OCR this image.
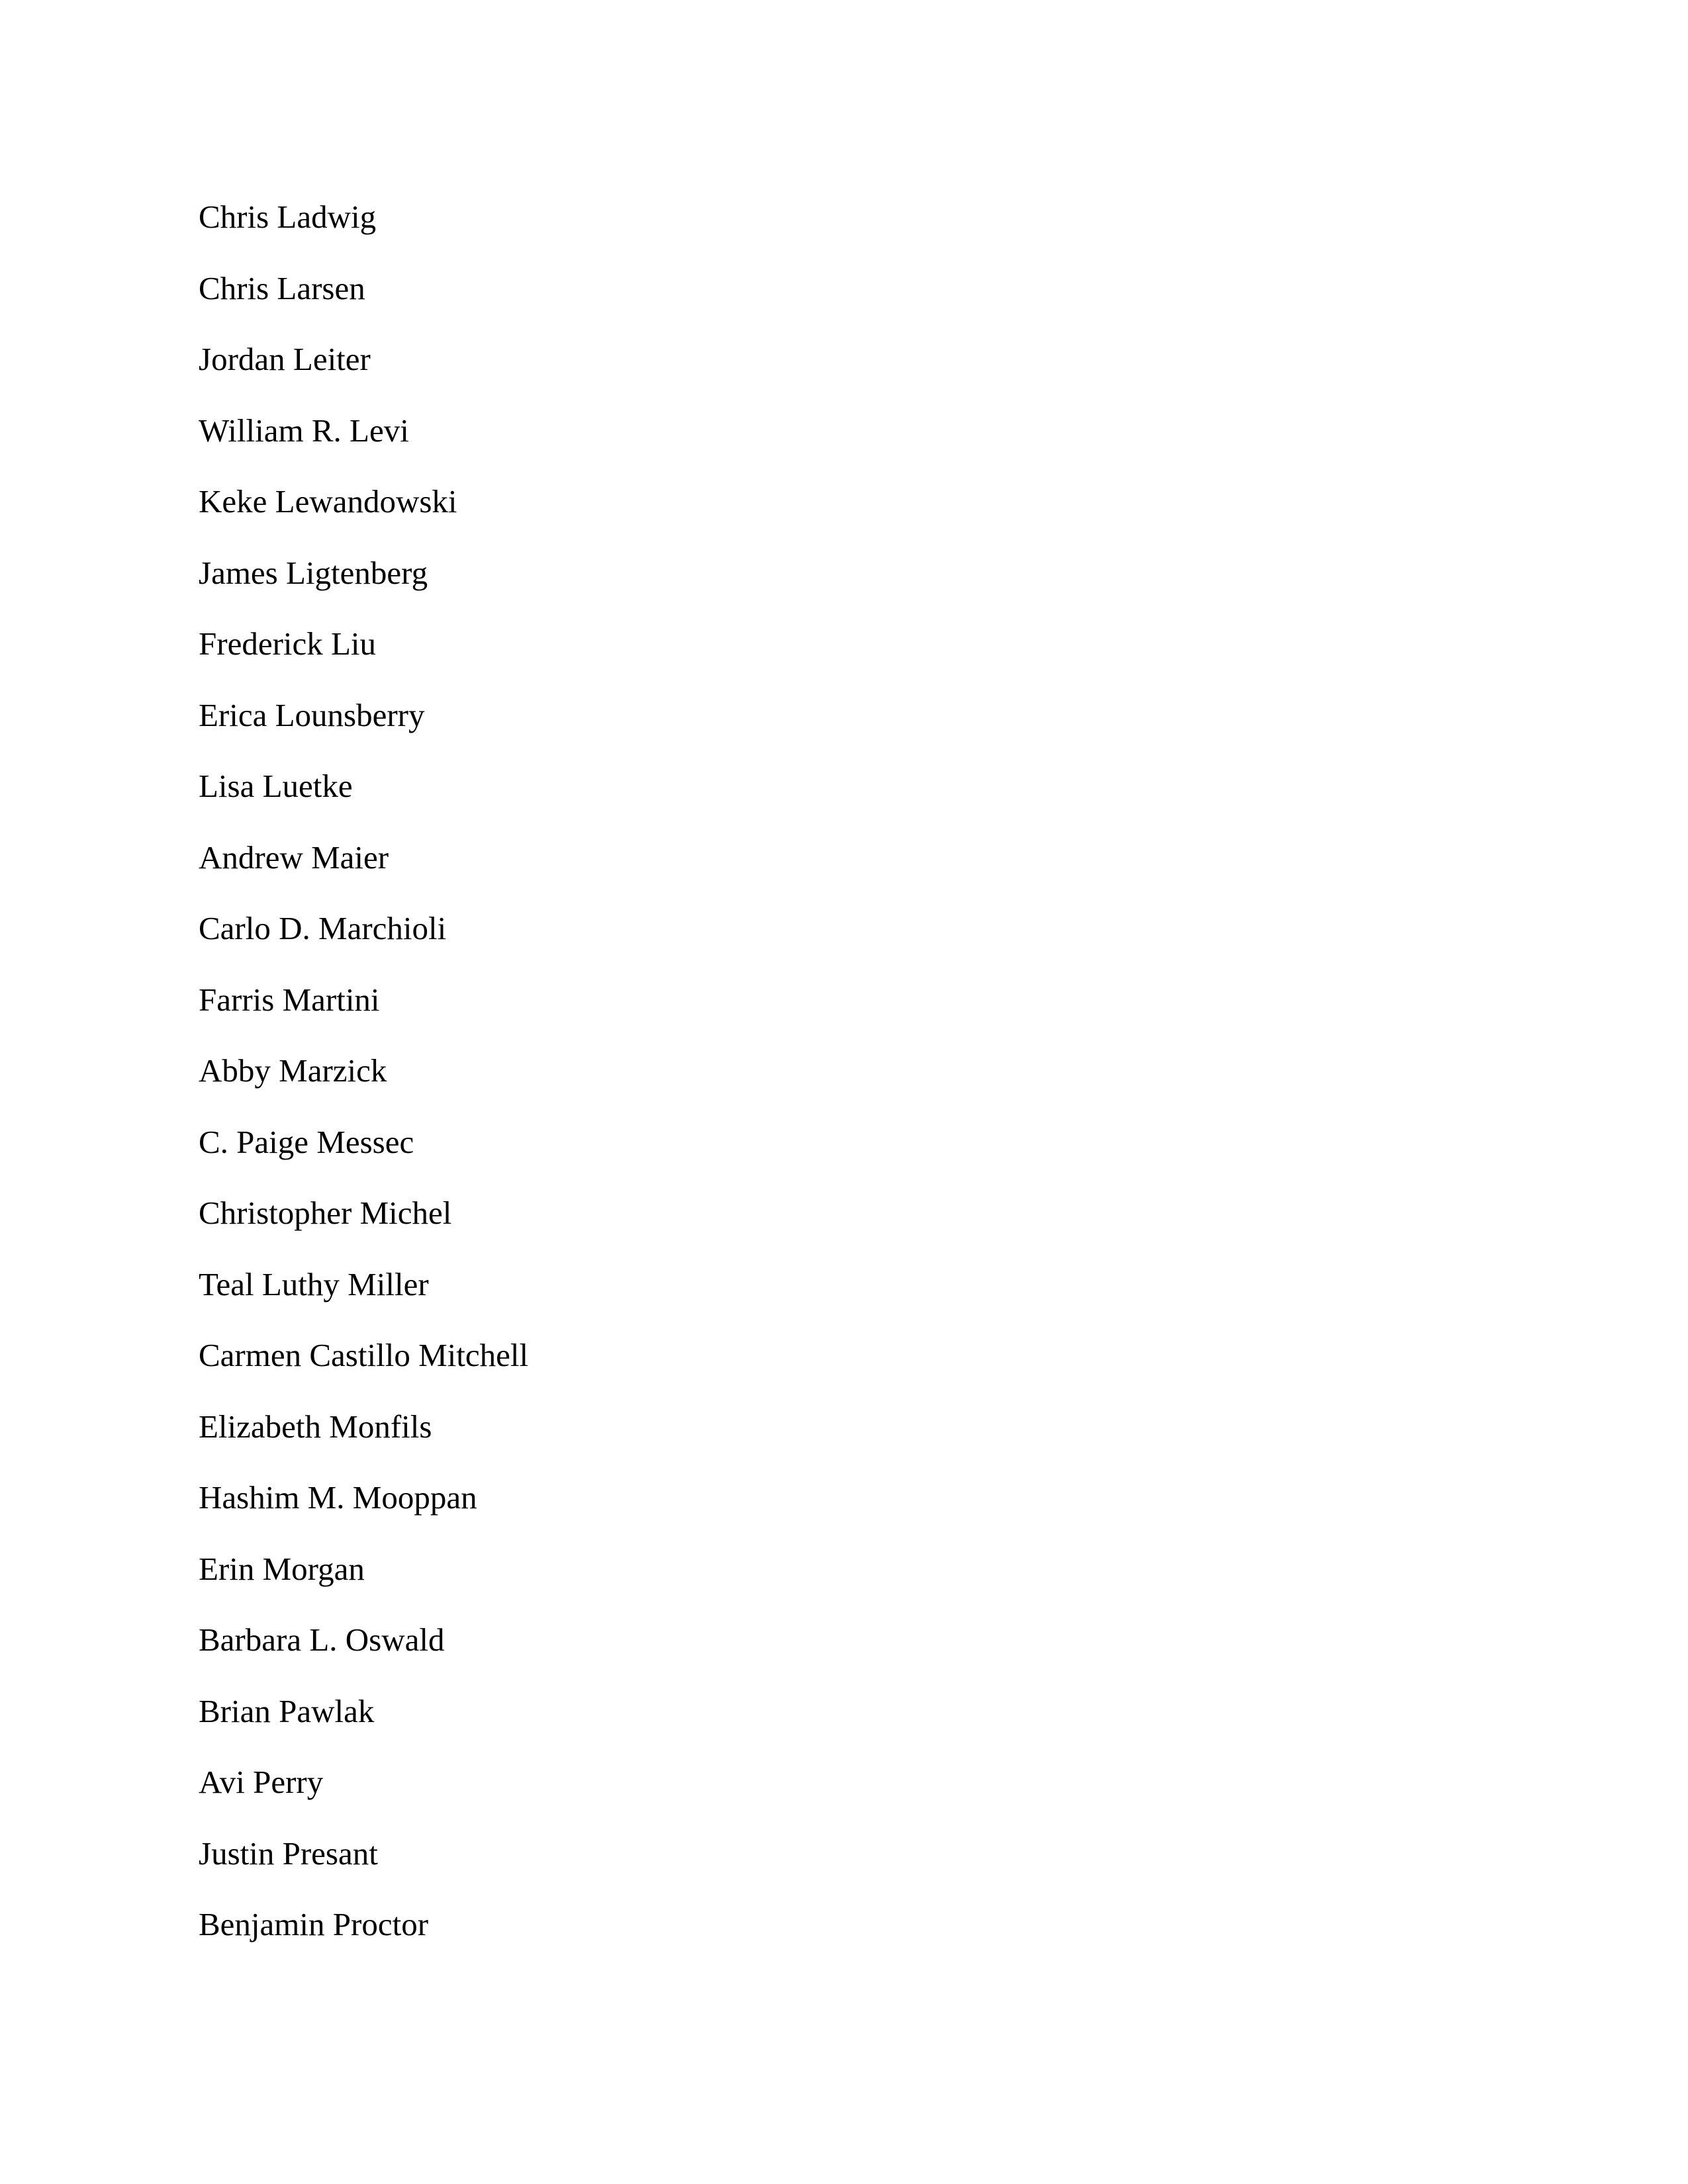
Chris Ladwig
Chris Larsen
Jordan Leiter
William R. Levi
Keke Lewandowski
James Ligtenberg
Frederick Liu
Erica Lounsberry
Lisa Luetke
Andrew Maier
Carlo D. Marchioli
Farris Martini
Abby Marzick
C. Paige Messec
Christopher Michel
Teal Luthy Miller
Carmen Castillo Mitchell
Elizabeth Monfils
Hashim M. Mooppan
Erin Morgan
Barbara L. Oswald
Brian Pawlak
Avi Perry
Justin Presant
Benjamin Proctor
